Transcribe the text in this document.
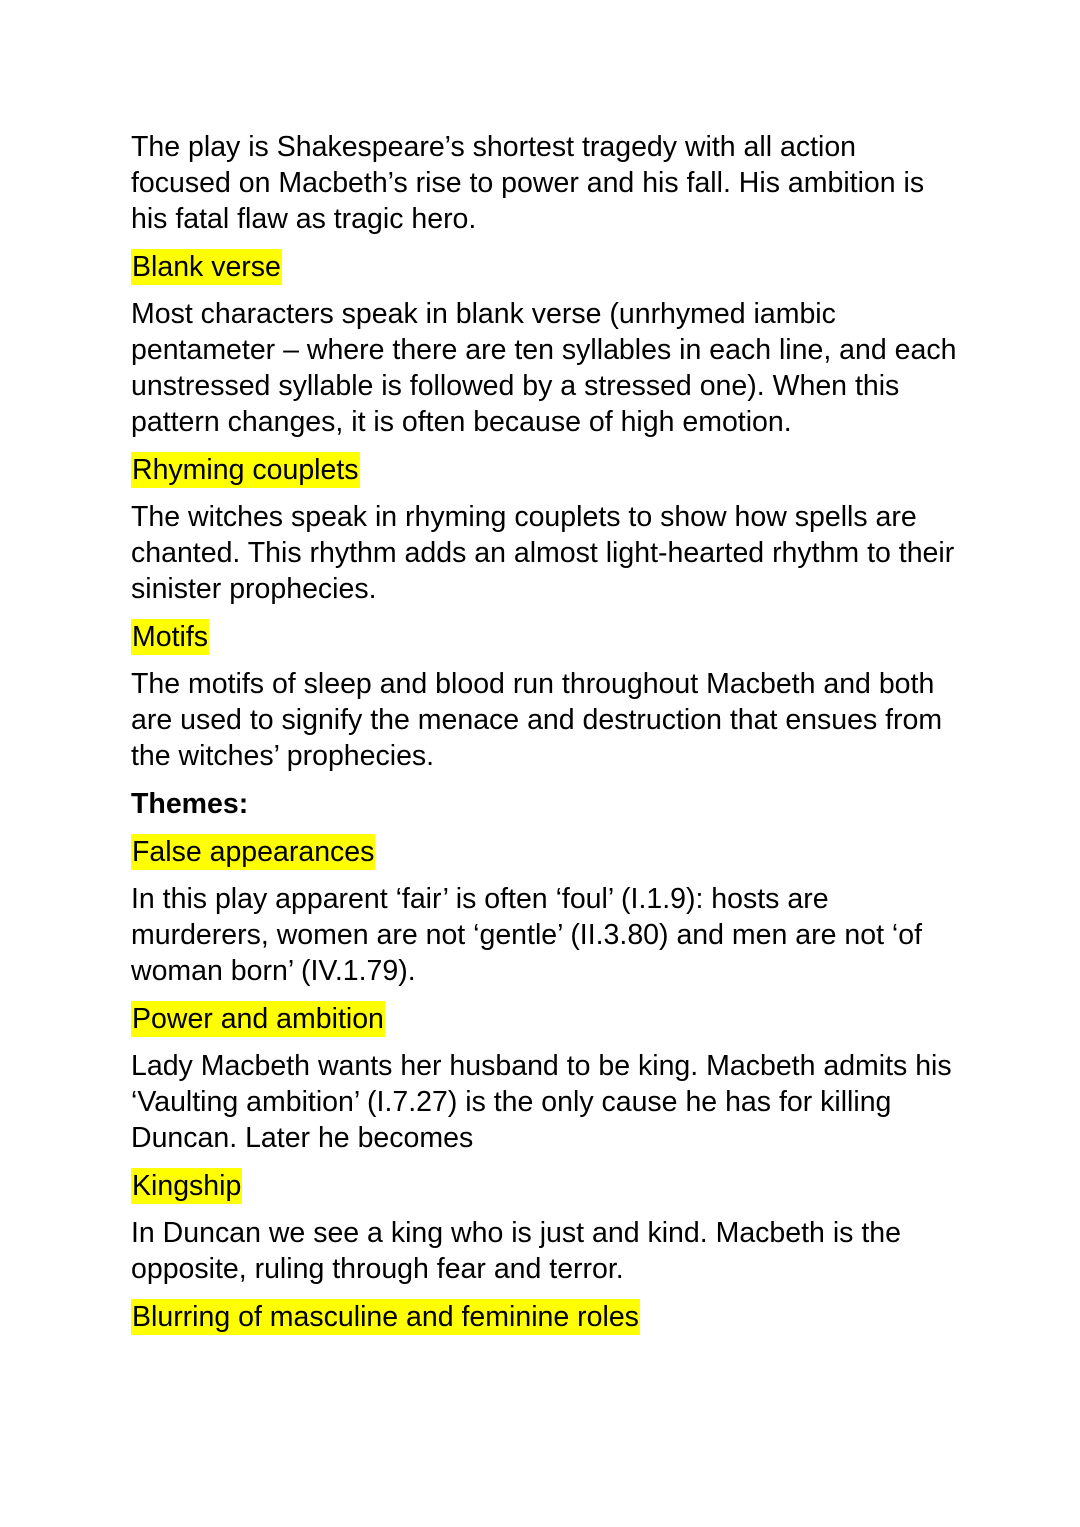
The play is Shakespeare’s shortest tragedy with all action focused on Macbeth’s rise to power and his fall. His ambition is his fatal flaw as tragic hero.

Blank verse

Most characters speak in blank verse (unrhymed iambic pentameter – where there are ten syllables in each line, and each unstressed syllable is followed by a stressed one). When this pattern changes, it is often because of high emotion.

Rhyming couplets

The witches speak in rhyming couplets to show how spells are chanted. This rhythm adds an almost light-hearted rhythm to their sinister prophecies.

Motifs

The motifs of sleep and blood run throughout Macbeth and both are used to signify the menace and destruction that ensues from the witches’ prophecies.

Themes:
False appearances

In this play apparent ‘fair’ is often ‘foul’ (I.1.9): hosts are murderers, women are not ‘gentle’ (II.3.80) and men are not ‘of woman born’ (IV.1.79).

Power and ambition

Lady Macbeth wants her husband to be king. Macbeth admits his ‘Vaulting ambition’ (I.7.27) is the only cause he has for killing Duncan. Later he becomes

Kingship

In Duncan we see a king who is just and kind. Macbeth is the opposite, ruling through fear and terror.

Blurring of masculine and feminine roles
